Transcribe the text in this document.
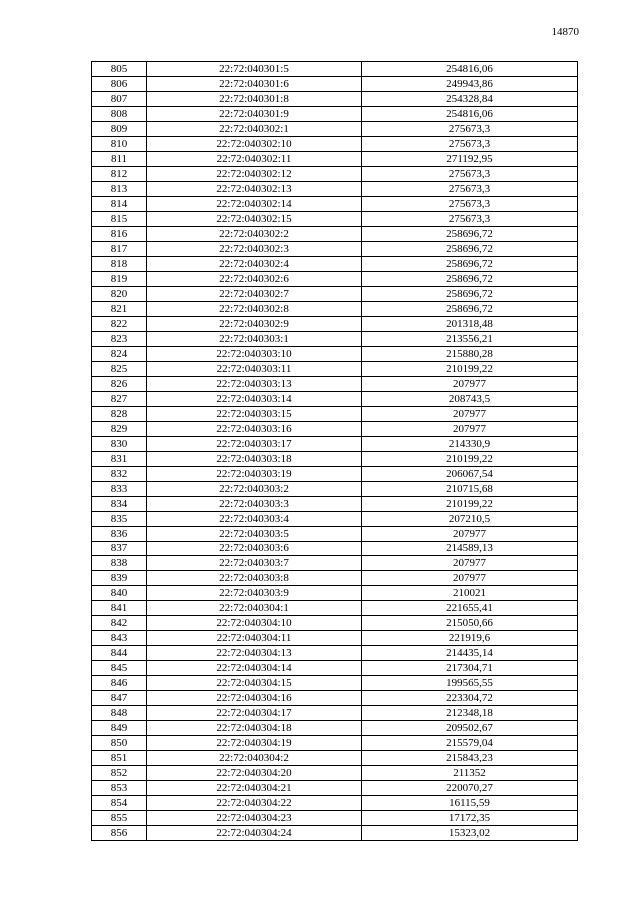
14870
805	22:72:040301:5	254816,06
806	22:72:040301:6	249943,86
807	22:72:040301:8	254328,84
808	22:72:040301:9	254816,06
809	22:72:040302:1	275673,3
810	22:72:040302:10	275673,3
811	22:72:040302:11	271192,95
812	22:72:040302:12	275673,3
813	22:72:040302:13	275673,3
814	22:72:040302:14	275673,3
815	22:72:040302:15	275673,3
816	22:72:040302:2	258696,72
817	22:72:040302:3	258696,72
818	22:72:040302:4	258696,72
819	22:72:040302:6	258696,72
820	22:72:040302:7	258696,72
821	22:72:040302:8	258696,72
822	22:72:040302:9	201318,48
823	22:72:040303:1	213556,21
824	22:72:040303:10	215880,28
825	22:72:040303:11	210199,22
826	22:72:040303:13	207977
827	22:72:040303:14	208743,5
828	22:72:040303:15	207977
829	22:72:040303:16	207977
830	22:72:040303:17	214330,9
831	22:72:040303:18	210199,22
832	22:72:040303:19	206067,54
833	22:72:040303:2	210715,68
834	22:72:040303:3	210199,22
835	22:72:040303:4	207210,5
836	22:72:040303:5	207977
837	22:72:040303:6	214589,13
838	22:72:040303:7	207977
839	22:72:040303:8	207977
840	22:72:040303:9	210021
841	22:72:040304:1	221655,41
842	22:72:040304:10	215050,66
843	22:72:040304:11	221919,6
844	22:72:040304:13	214435,14
845	22:72:040304:14	217304,71
846	22:72:040304:15	199565,55
847	22:72:040304:16	223304,72
848	22:72:040304:17	212348,18
849	22:72:040304:18	209502,67
850	22:72:040304:19	215579,04
851	22:72:040304:2	215843,23
852	22:72:040304:20	211352
853	22:72:040304:21	220070,27
854	22:72:040304:22	16115,59
855	22:72:040304:23	17172,35
856	22:72:040304:24	15323,02
